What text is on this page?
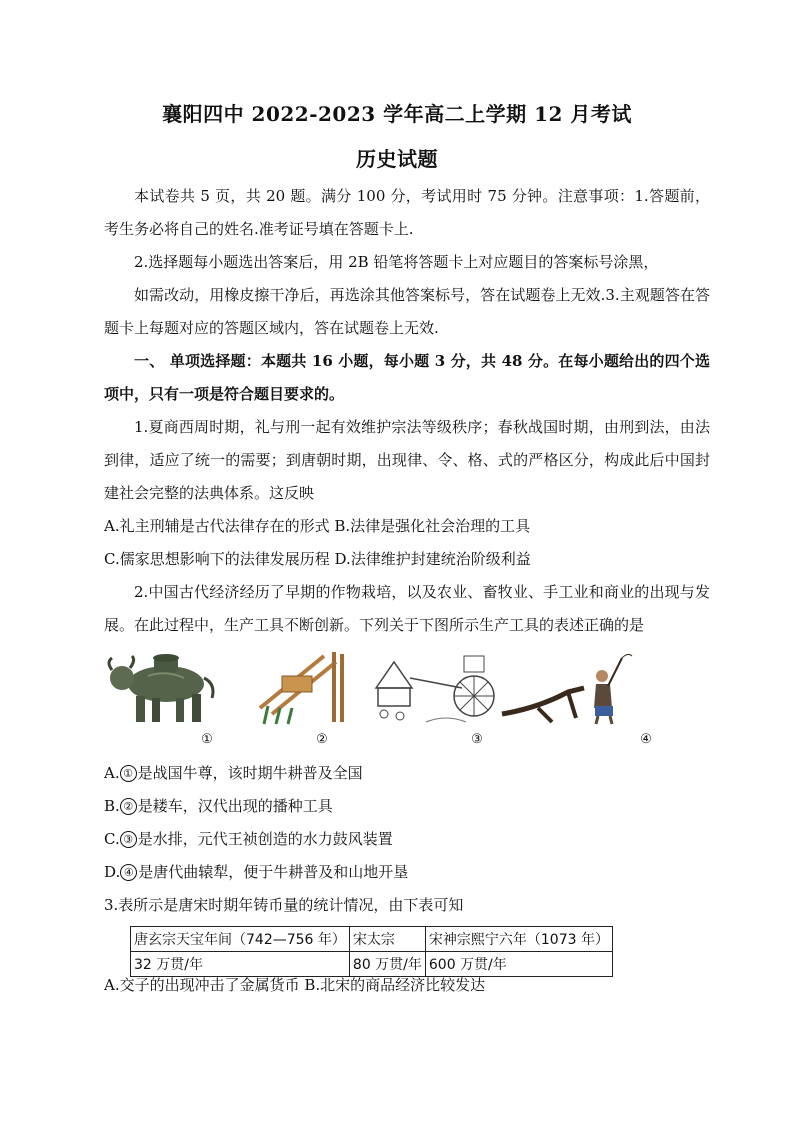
襄阳四中 2022-2023 学年高二上学期 12 月考试
历史试题
本试卷共 5 页，共 20 题。满分 100 分，考试用时 75 分钟。注意事项：1.答题前，考生务必将自己的姓名.准考证号填在答题卡上.
2.选择题每小题选出答案后，用 2B 铅笔将答题卡上对应题目的答案标号涂黑，
如需改动，用橡皮擦干净后，再选涂其他答案标号，答在试题卷上无效.3.主观题答在答题卡上每题对应的答题区域内，答在试题卷上无效.
一、 单项选择题：本题共 16 小题，每小题 3 分，共 48 分。在每小题给出的四个选项中，只有一项是符合题目要求的。
1.夏商西周时期，礼与刑一起有效维护宗法等级秩序；春秋战国时期，由刑到法，由法到律，适应了统一的需要；到唐朝时期，出现律、令、格、式的严格区分，构成此后中国封建社会完整的法典体系。这反映
A.礼主刑辅是古代法律存在的形式 B.法律是强化社会治理的工具
C.儒家思想影响下的法律发展历程 D.法律维护封建统治阶级利益
2.中国古代经济经历了早期的作物栽培，以及农业、畜牧业、手工业和商业的出现与发展。在此过程中，生产工具不断创新。下列关于下图所示生产工具的表述正确的是
①	②	③	④
A. ① 是战国牛尊，该时期牛耕普及全国
B. ② 是耧车，汉代出现的播种工具
C. ③ 是水排，元代王祯创造的水力鼓风装置
D. ④ 是唐代曲辕犁，便于牛耕普及和山地开垦
3.表所示是唐宋时期年铸币量的统计情况，由下表可知
唐玄宗天宝年间（742—756 年）	宋太宗	宋神宗熙宁六年（1073 年）
32 万贯/年	80 万贯/年	600 万贯/年
A.交子的出现冲击了金属货币 B.北宋的商品经济比较发达
